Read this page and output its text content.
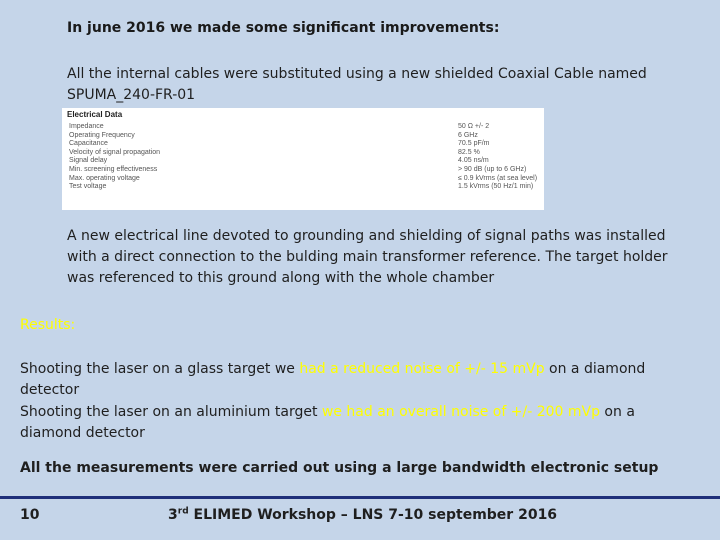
In june 2016 we made some significant improvements:
All the internal cables were substituted using a new shielded Coaxial Cable named SPUMA_240-FR-01
Electrical Data
Impedance
Operating Frequency
Capacitance
Velocity of signal propagation
Signal delay
Min. screening effectiveness
Max. operating voltage
Test voltage
50 Ω +/- 2
6 GHz
70.5 pF/m
82.5 %
4.05 ns/m
> 90 dB (up to 6 GHz)
≤ 0.9 kVrms (at sea level)
1.5 kVrms (50 Hz/1 min)
A new electrical line devoted to grounding and shielding of signal paths was installed with a direct connection to the bulding main transformer reference. The target holder was referenced to this ground along with the whole chamber
Results:
Shooting the laser on a glass target we had a reduced noise of +/- 15 mVp on a diamond detector
Shooting the laser on an aluminium target we had an overall noise of +/- 200 mVp on a diamond detector
All the measurements were carried out using a large bandwidth electronic setup
10	3rd ELIMED Workshop – LNS 7-10 september 2016
